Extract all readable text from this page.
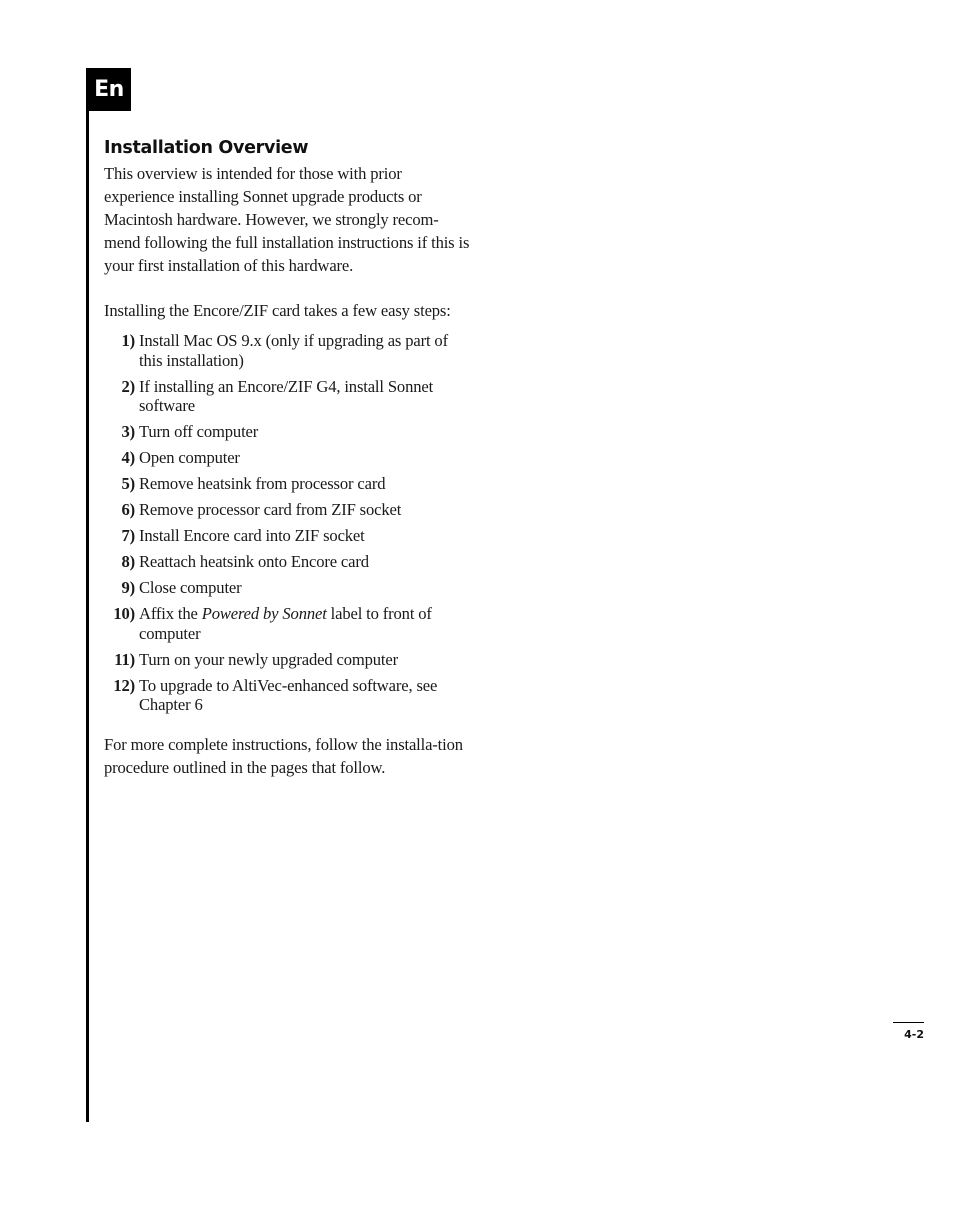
En
Installation Overview

This overview is intended for those with prior experience installing Sonnet upgrade products or Macintosh hardware. However, we strongly recom-mend following the full installation instructions if this is your first installation of this hardware.

Installing the Encore/ZIF card takes a few easy steps:

1) Install Mac OS 9.x (only if upgrading as part of this installation)
2) If installing an Encore/ZIF G4, install Sonnet software
3) Turn off computer
4) Open computer
5) Remove heatsink from processor card
6) Remove processor card from ZIF socket
7) Install Encore card into ZIF socket
8) Reattach heatsink onto Encore card
9) Close computer
10) Affix the Powered by Sonnet label to front of computer
11) Turn on your newly upgraded computer
12) To upgrade to AltiVec-enhanced software, see Chapter 6

For more complete instructions, follow the installa-tion procedure outlined in the pages that follow.

4-2
